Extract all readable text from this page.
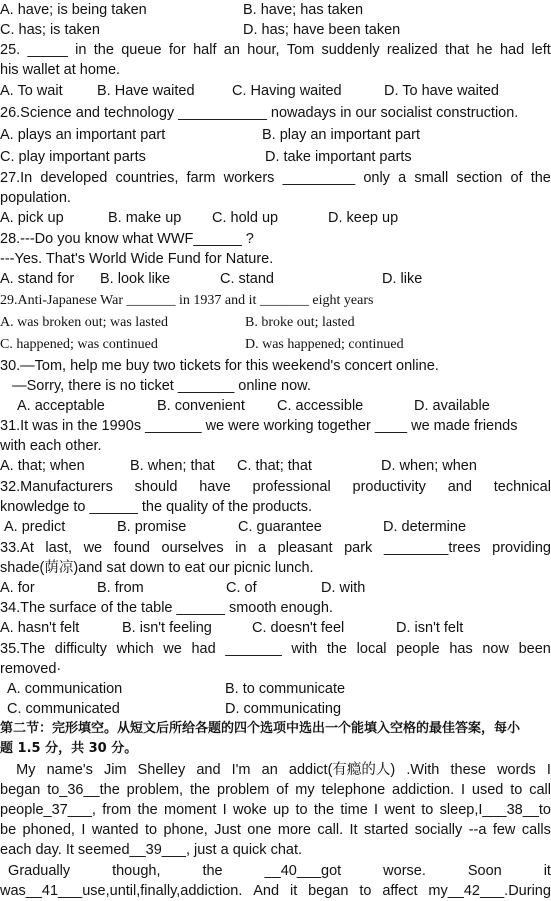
A. have; is being taken	B. have; has taken
C. has; is taken	D. has; have been taken
25. _____ in the queue for half an hour, Tom suddenly realized that he had left
his wallet at home.
A. To wait B. Have waited	C. Having waited	D. To have waited
26.Science and technology ___________ nowadays in our socialist construction.
A. plays an important part	B. play an important part
C. play important parts	D. take important parts
27.In developed countries, farm workers _________ only a small section of the
population.
A. pick up	B. make up C. hold up	D. keep up
28.---Do you know what WWF______ ?
---Yes. That's World Wide Fund for Nature.
A. stand for B. look like	C. stand	D. like
29.Anti-Japanese War _______ in 1937 and it _______ eight years
A. was broken out; was lasted	B. broke out; lasted
C. happened; was continued	D. was happened; continued
30.—Tom, help me buy two tickets for this weekend's concert online.
—Sorry, there is no ticket _______ online now.
A. acceptable	B. convenient C. accessible	D. available
31.It was in the 1990s _______ we were working together ____ we made friends
with each other.
A. that; when	B. when; that C. that; that	D. when; when
32.Manufacturers should have professional productivity and technical
knowledge to ______ the quality of the products.
A. predict	B. promise	C. guarantee	D. determine
33.At last, we found ourselves in a pleasant park ________trees providing
shade(荫凉)and sat down to eat our picnic lunch.
A. for	B. from	C. of	D. with
34.The surface of the table ______ smooth enough.
A. hasn't felt	B. isn't feeling	C. doesn't feel	D. isn't felt
35.The difficulty which we had _______ with the local people has now been
removed·
A. communication	B. to communicate
C. communicated	D. communicating
第二节：完形填空。从短文后所给各题的四个选项中选出一个能填入空格的最佳答案，每小
题 1.5 分，共 30 分。
My name's Jim Shelley and I'm an addict(有瘾的人) .With these words I
began to_36__the problem, the problem of my telephone addiction. I used to call
people_37___, from the moment I woke up to the time I went to sleep,I___38__to
be phoned, I wanted to phone, Just one more call. It started socially --a few calls
each day. It seemed__39___, just a quick chat.
Gradually	though,	the	__40___got	worse.	Soon	it
was__41___use,until,finally,addiction. And it began to affect my__42___.During
